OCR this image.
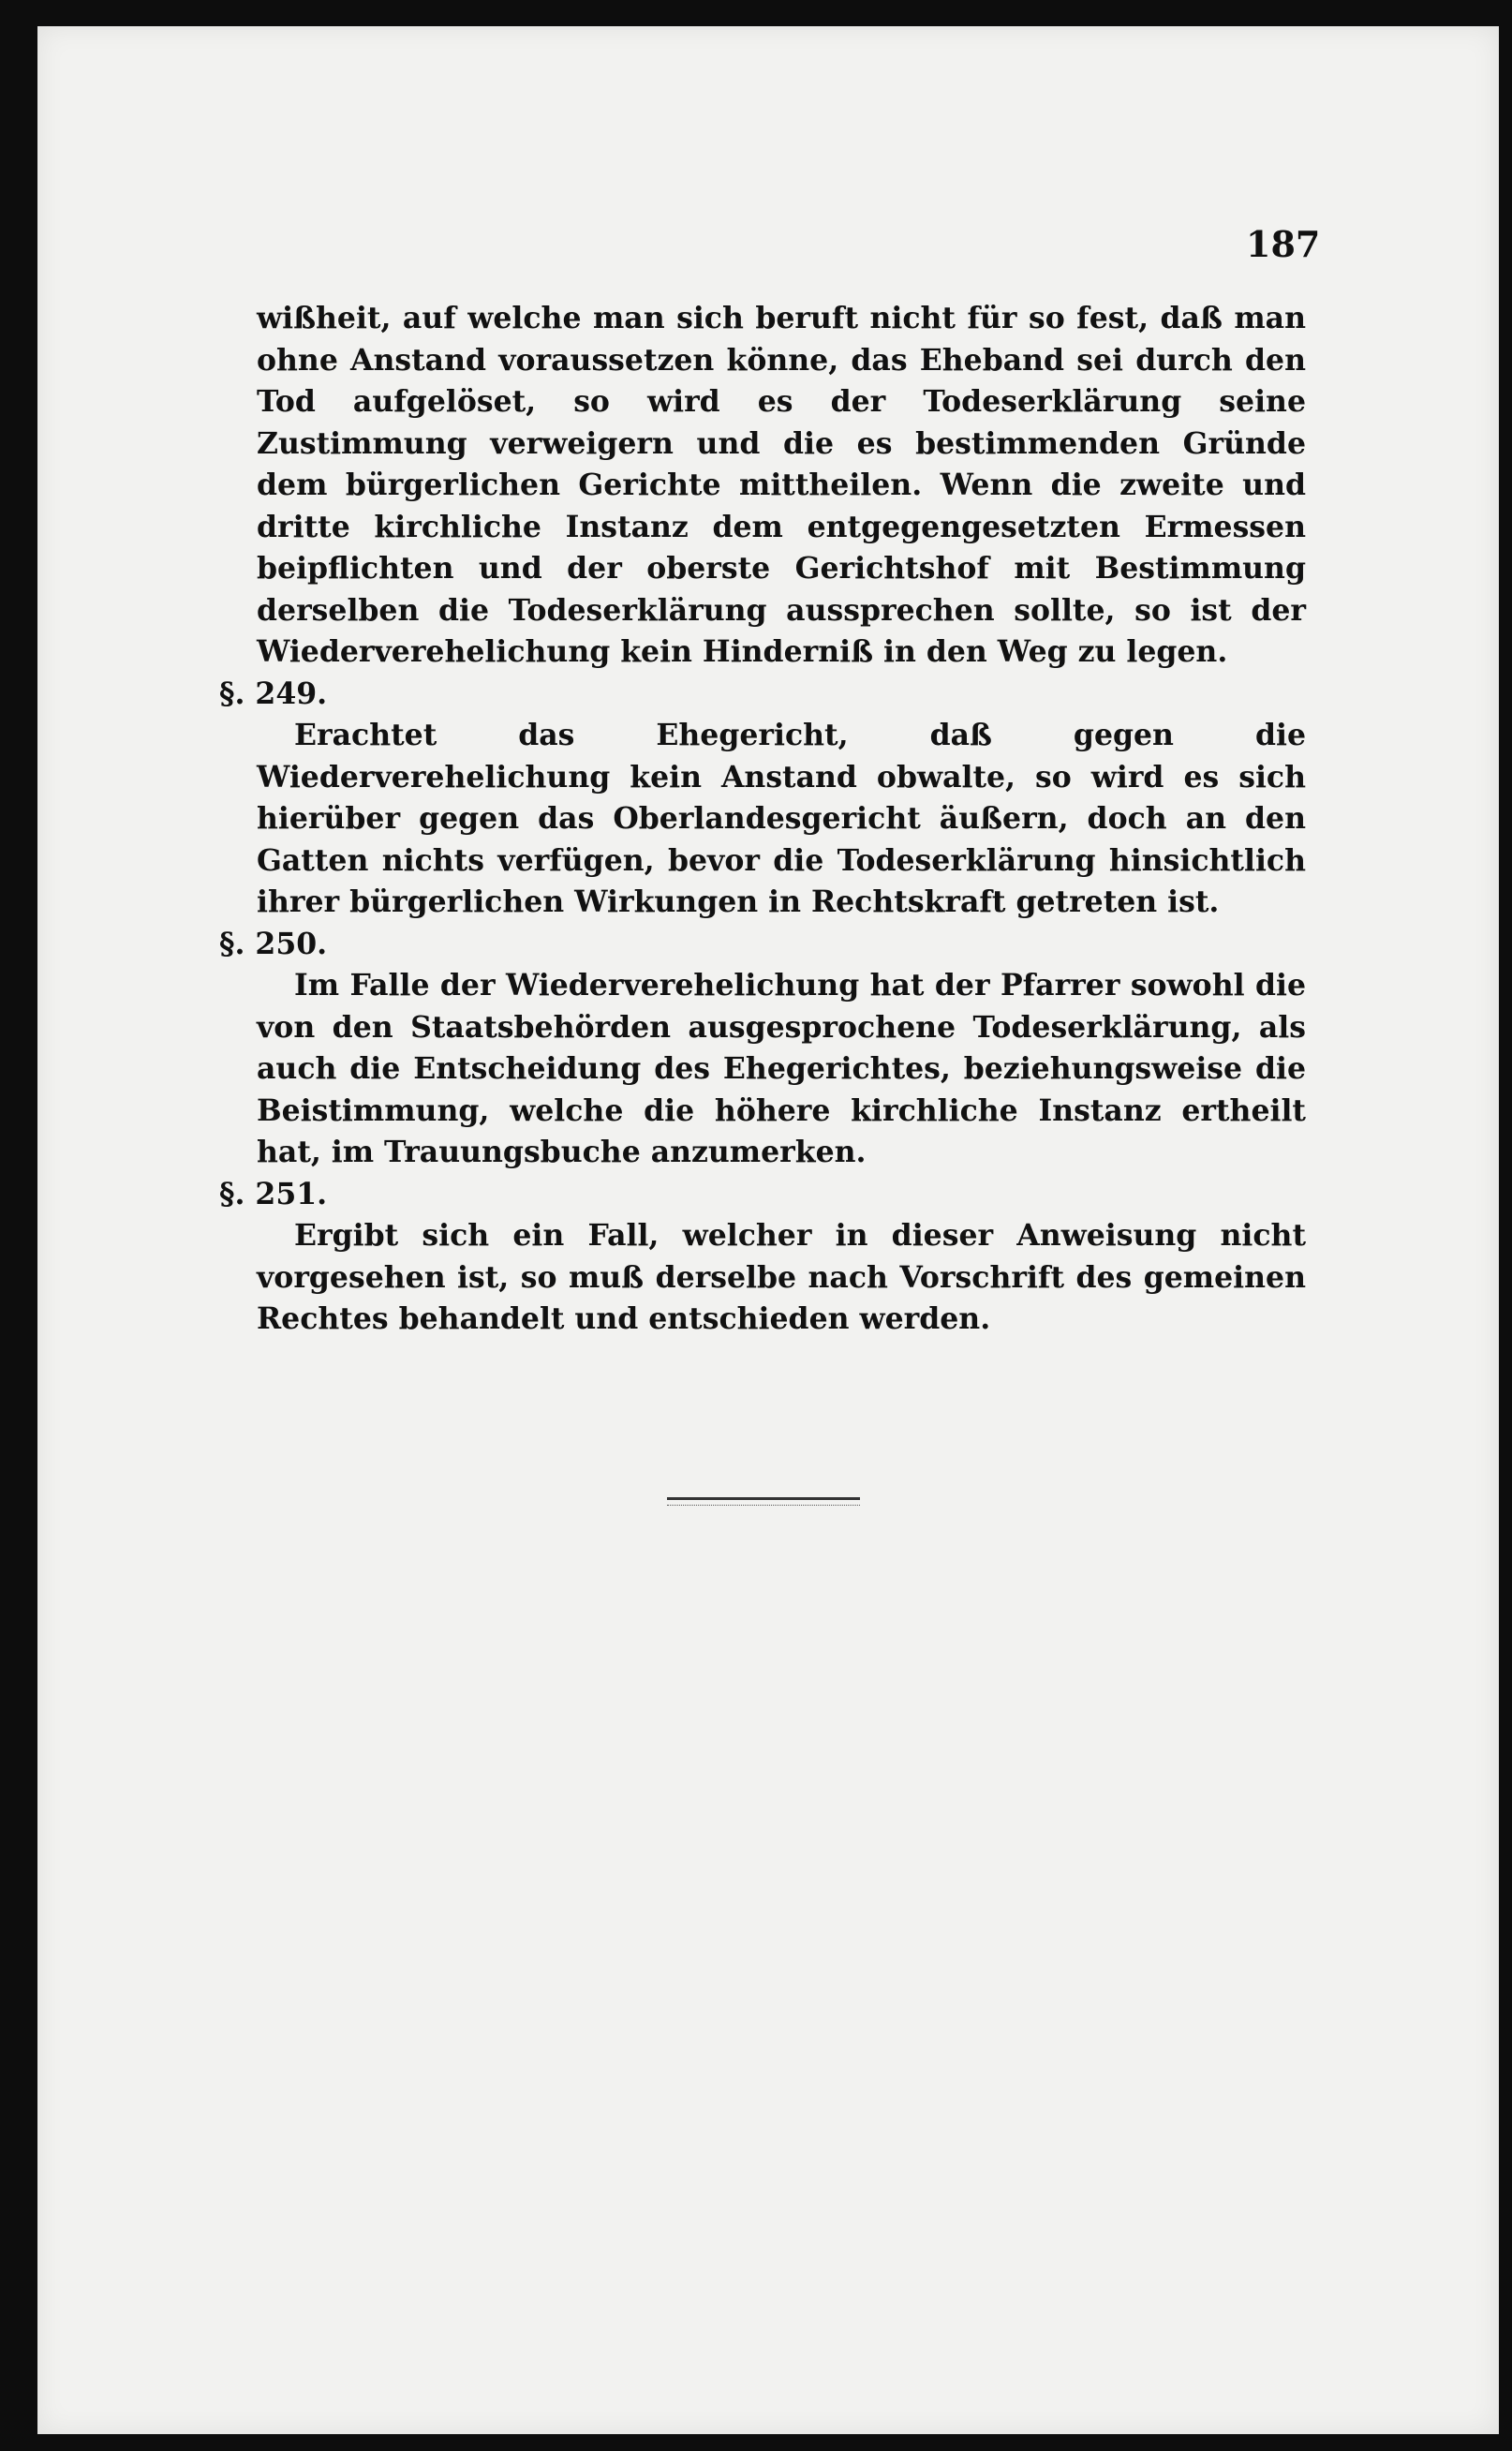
187

wißheit, auf welche man sich beruft nicht für so fest, daß man ohne Anstand voraussetzen könne, das Eheband sei durch den Tod aufgelöset, so wird es der Todeserklärung seine Zustimmung verweigern und die es bestimmenden Gründe dem bürgerlichen Gerichte mittheilen. Wenn die zweite und dritte kirchliche Instanz dem entgegengesetzten Ermessen beipflichten und der oberste Gerichtshof mit Bestimmung derselben die Todeserklärung aussprechen sollte, so ist der Wiederverehelichung kein Hinderniß in den Weg zu legen.

§. 249.

Erachtet das Ehegericht, daß gegen die Wiederverehelichung kein Anstand obwalte, so wird es sich hierüber gegen das Oberlandesgericht äußern, doch an den Gatten nichts verfügen, bevor die Todeserklärung hinsichtlich ihrer bürgerlichen Wirkungen in Rechtskraft getreten ist.

§. 250.

Im Falle der Wiederverehelichung hat der Pfarrer sowohl die von den Staatsbehörden ausgesprochene Todeserklärung, als auch die Entscheidung des Ehegerichtes, beziehungsweise die Beistimmung, welche die höhere kirchliche Instanz ertheilt hat, im Trauungsbuche anzumerken.

§. 251.

Ergibt sich ein Fall, welcher in dieser Anweisung nicht vorgesehen ist, so muß derselbe nach Vorschrift des gemeinen Rechtes behandelt und entschieden werden.
